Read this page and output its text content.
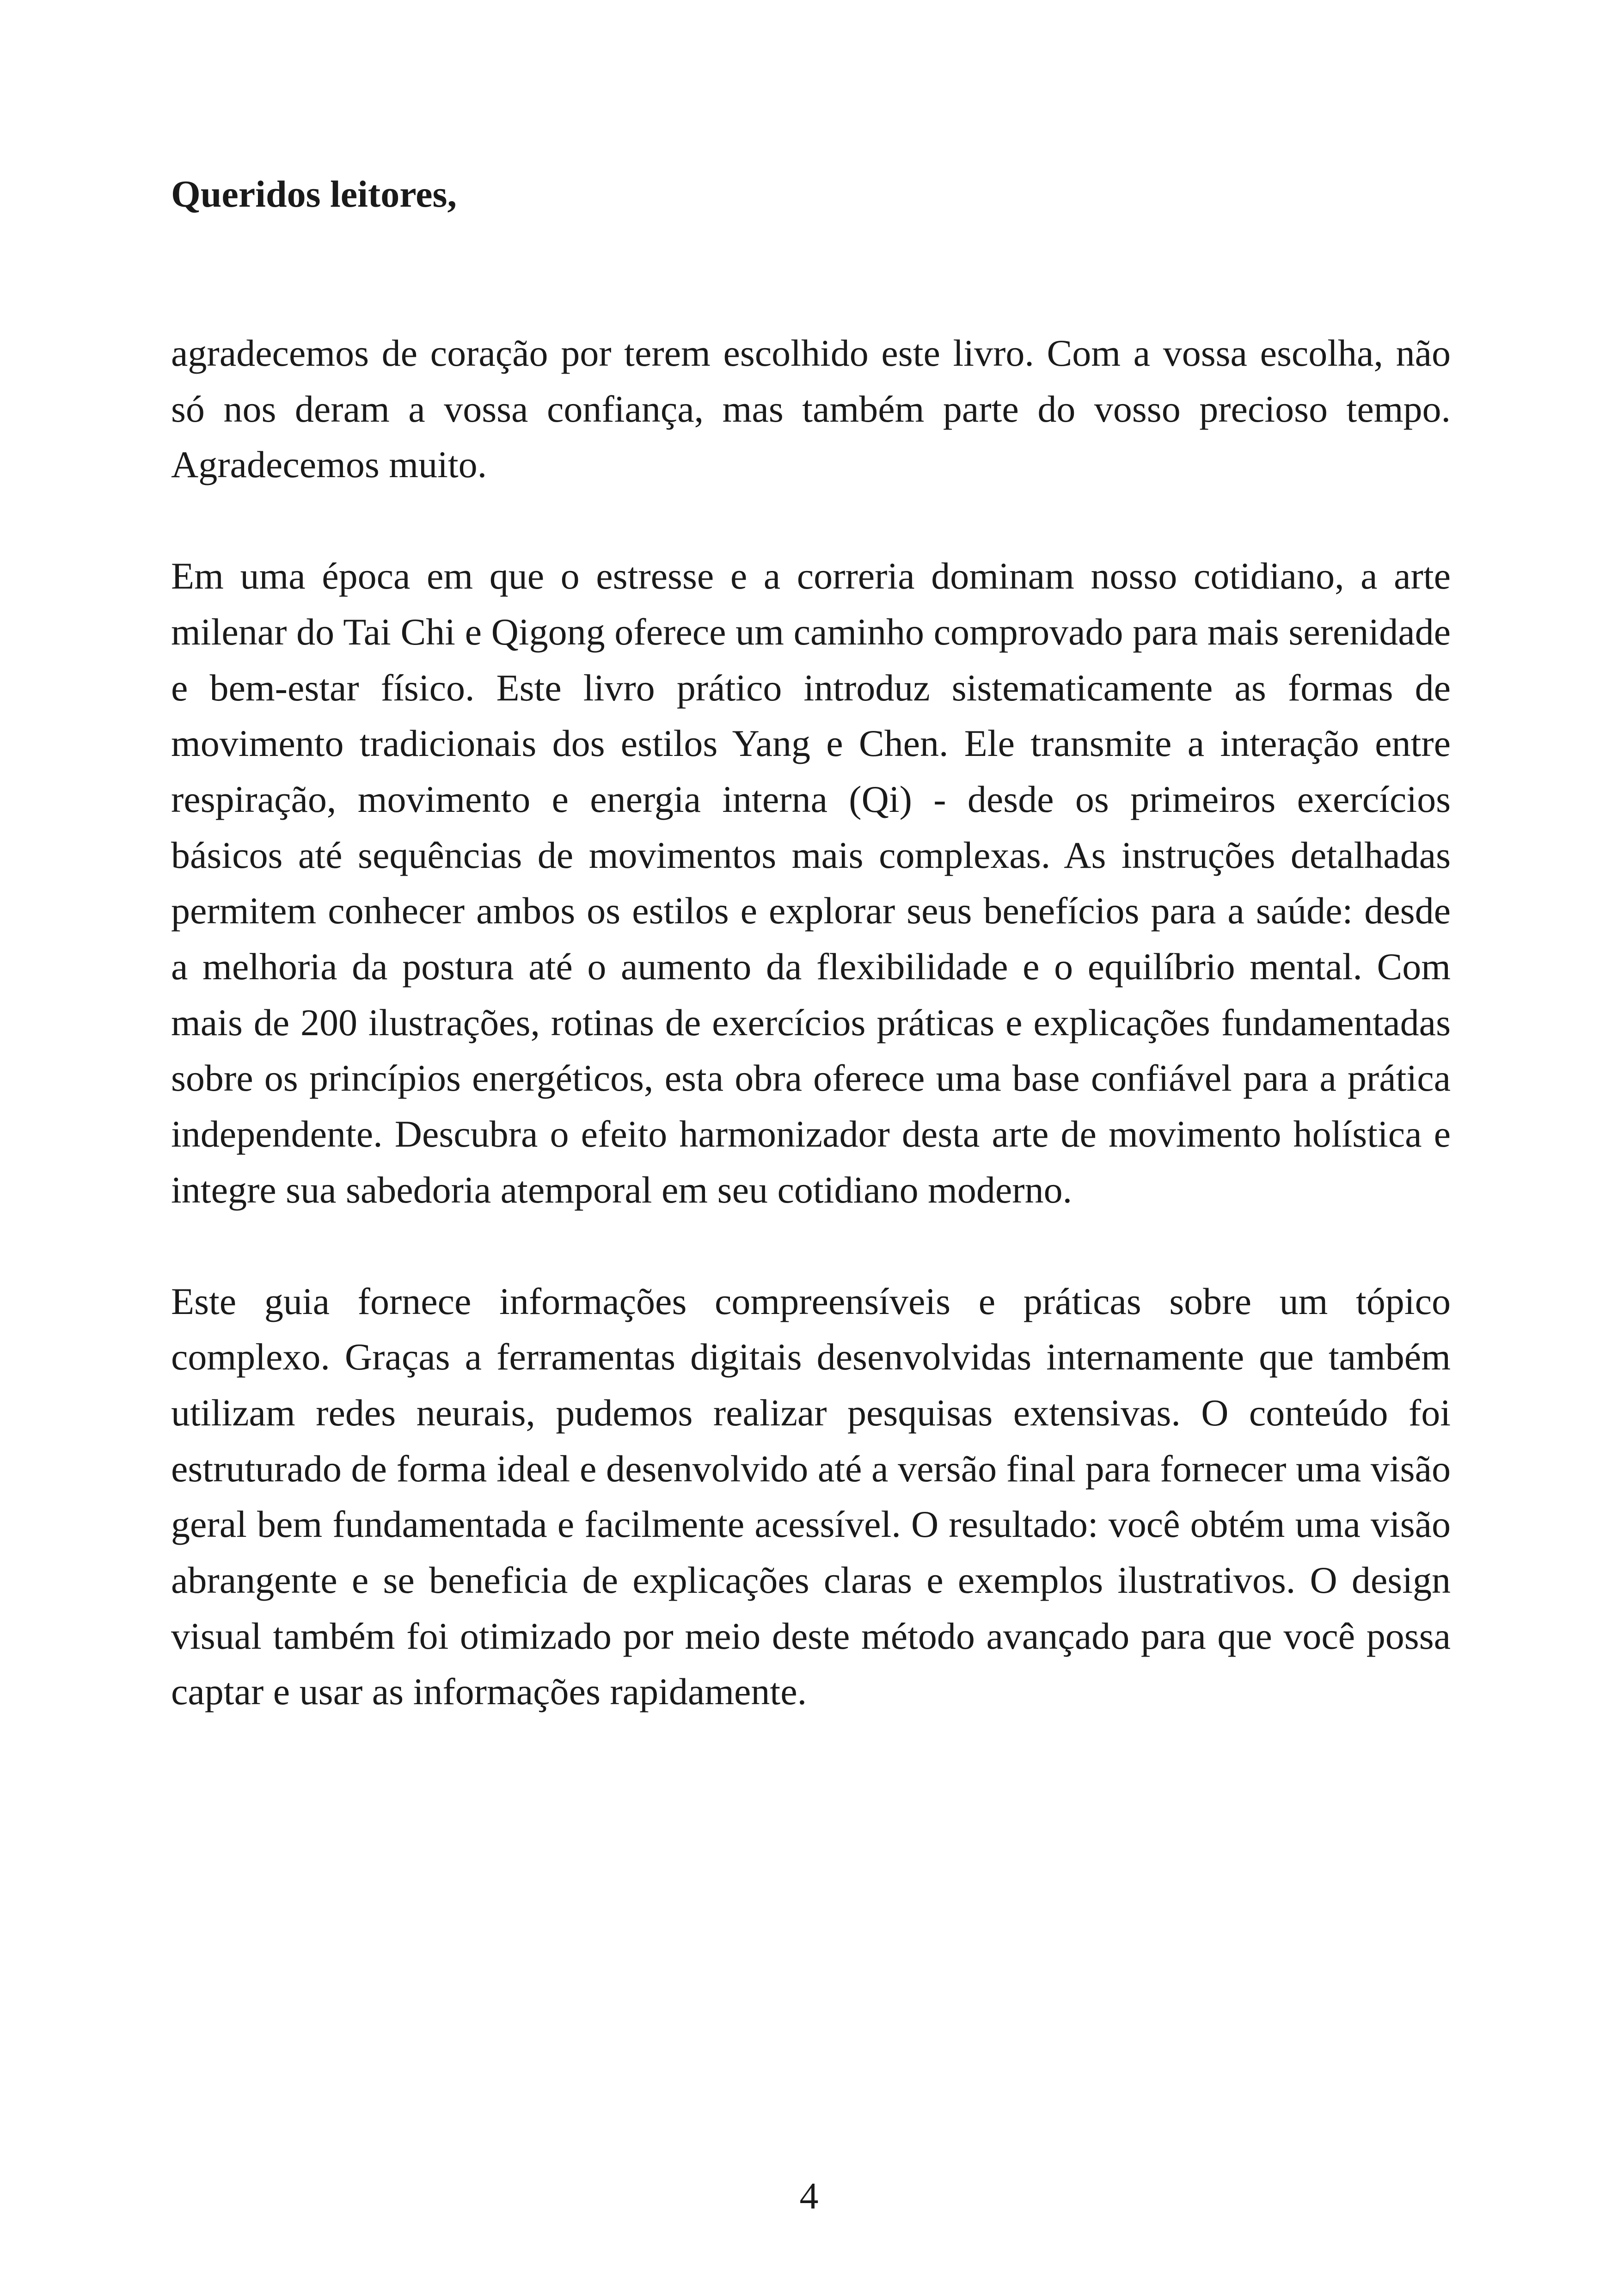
Queridos leitores,

agradecemos de coração por terem escolhido este livro. Com a vossa escolha, não só nos deram a vossa confiança, mas também parte do vosso precioso tempo. Agradecemos muito.

Em uma época em que o estresse e a correria dominam nosso cotidiano, a arte milenar do Tai Chi e Qigong oferece um caminho comprovado para mais serenidade e bem-estar físico. Este livro prático introduz sistematicamente as formas de movimento tradicionais dos estilos Yang e Chen. Ele transmite a interação entre respiração, movimento e energia interna (Qi) - desde os primeiros exercícios básicos até sequências de movimentos mais complexas. As instruções detalhadas permitem conhecer ambos os estilos e explorar seus benefícios para a saúde: desde a melhoria da postura até o aumento da flexibilidade e o equilíbrio mental. Com mais de 200 ilustrações, rotinas de exercícios práticas e explicações fundamentadas sobre os princípios energéticos, esta obra oferece uma base confiável para a prática independente. Descubra o efeito harmonizador desta arte de movimento holística e integre sua sabedoria atemporal em seu cotidiano moderno.

Este guia fornece informações compreensíveis e práticas sobre um tópico complexo. Graças a ferramentas digitais desenvolvidas internamente que também utilizam redes neurais, pudemos realizar pesquisas extensivas. O conteúdo foi estruturado de forma ideal e desenvolvido até a versão final para fornecer uma visão geral bem fundamentada e facilmente acessível. O resultado: você obtém uma visão abrangente e se beneficia de explicações claras e exemplos ilustrativos. O design visual também foi otimizado por meio deste método avançado para que você possa captar e usar as informações rapidamente.

4
